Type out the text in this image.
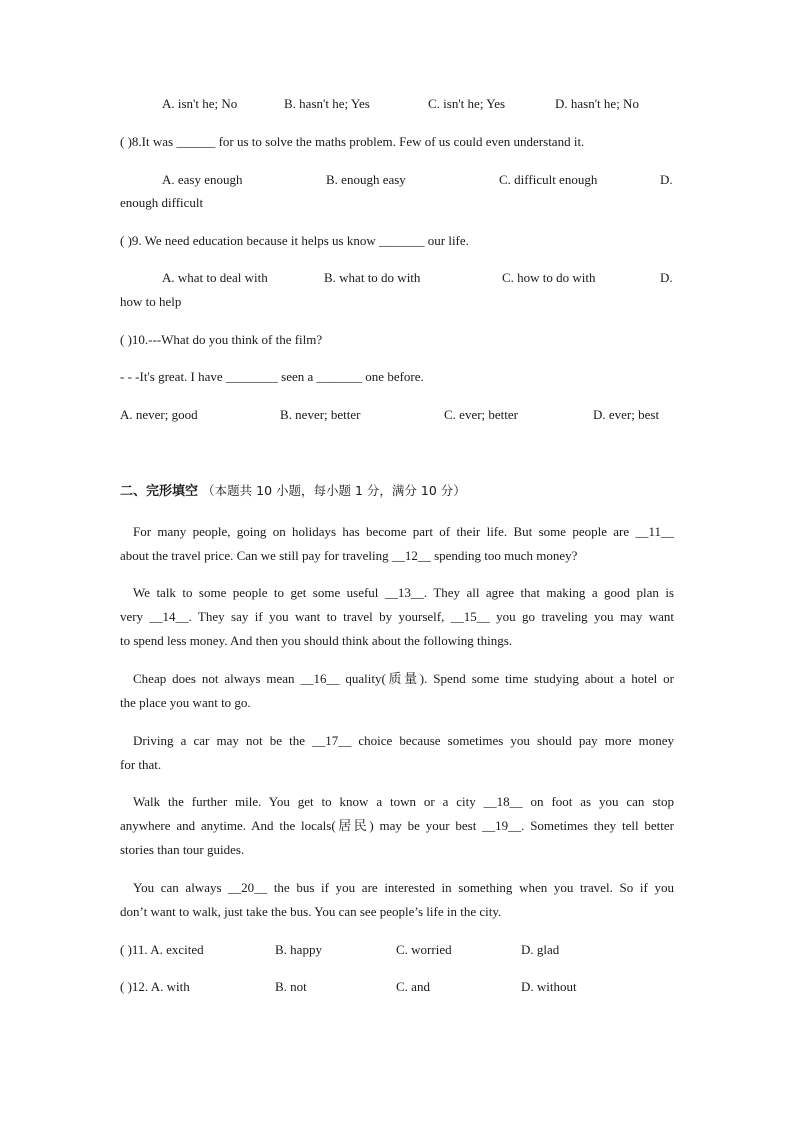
A. isn't he; No	B. hasn't he; Yes	C. isn't he; Yes	D. hasn't he; No
( )8.It was ______ for us to solve the maths problem. Few of us could even understand it.
A. easy enough	B. enough easy	C. difficult enough	D.
enough difficult
( )9. We need education because it helps us know _______ our life.
A. what to deal with	B. what to do with	C. how to do with	D.
how to help
( )10.---What do you think of the film?
- - -It's great. I have ________ seen a _______ one before.
A. never; good	B. never; better	C. ever; better	D. ever; best
二、完形填空 （本题共 10 小题，每小题 1 分，满分 10 分）
For many people, going on holidays has become part of their life. But some people are __11__
about the travel price. Can we still pay for traveling __12__ spending too much money?
We talk to some people to get some useful __13__. They all agree that making a good plan is
very __14__. They say if you want to travel by yourself, __15__ you go traveling you may want
to spend less money. And then you should think about the following things.
Cheap does not always mean __16__ quality(质量). Spend some time studying about a hotel or
the place you want to go.
Driving a car may not be the __17__ choice because sometimes you should pay more money
for that.
Walk the further mile. You get to know a town or a city __18__ on foot as you can stop
anywhere and anytime. And the locals(居民) may be your best __19__. Sometimes they tell better
stories than tour guides.
You can always __20__ the bus if you are interested in something when you travel. So if you
don’t want to walk, just take the bus. You can see people’s life in the city.
( )11. A. excited	B. happy	C. worried	D. glad
( )12. A. with	B. not	C. and	D. without
